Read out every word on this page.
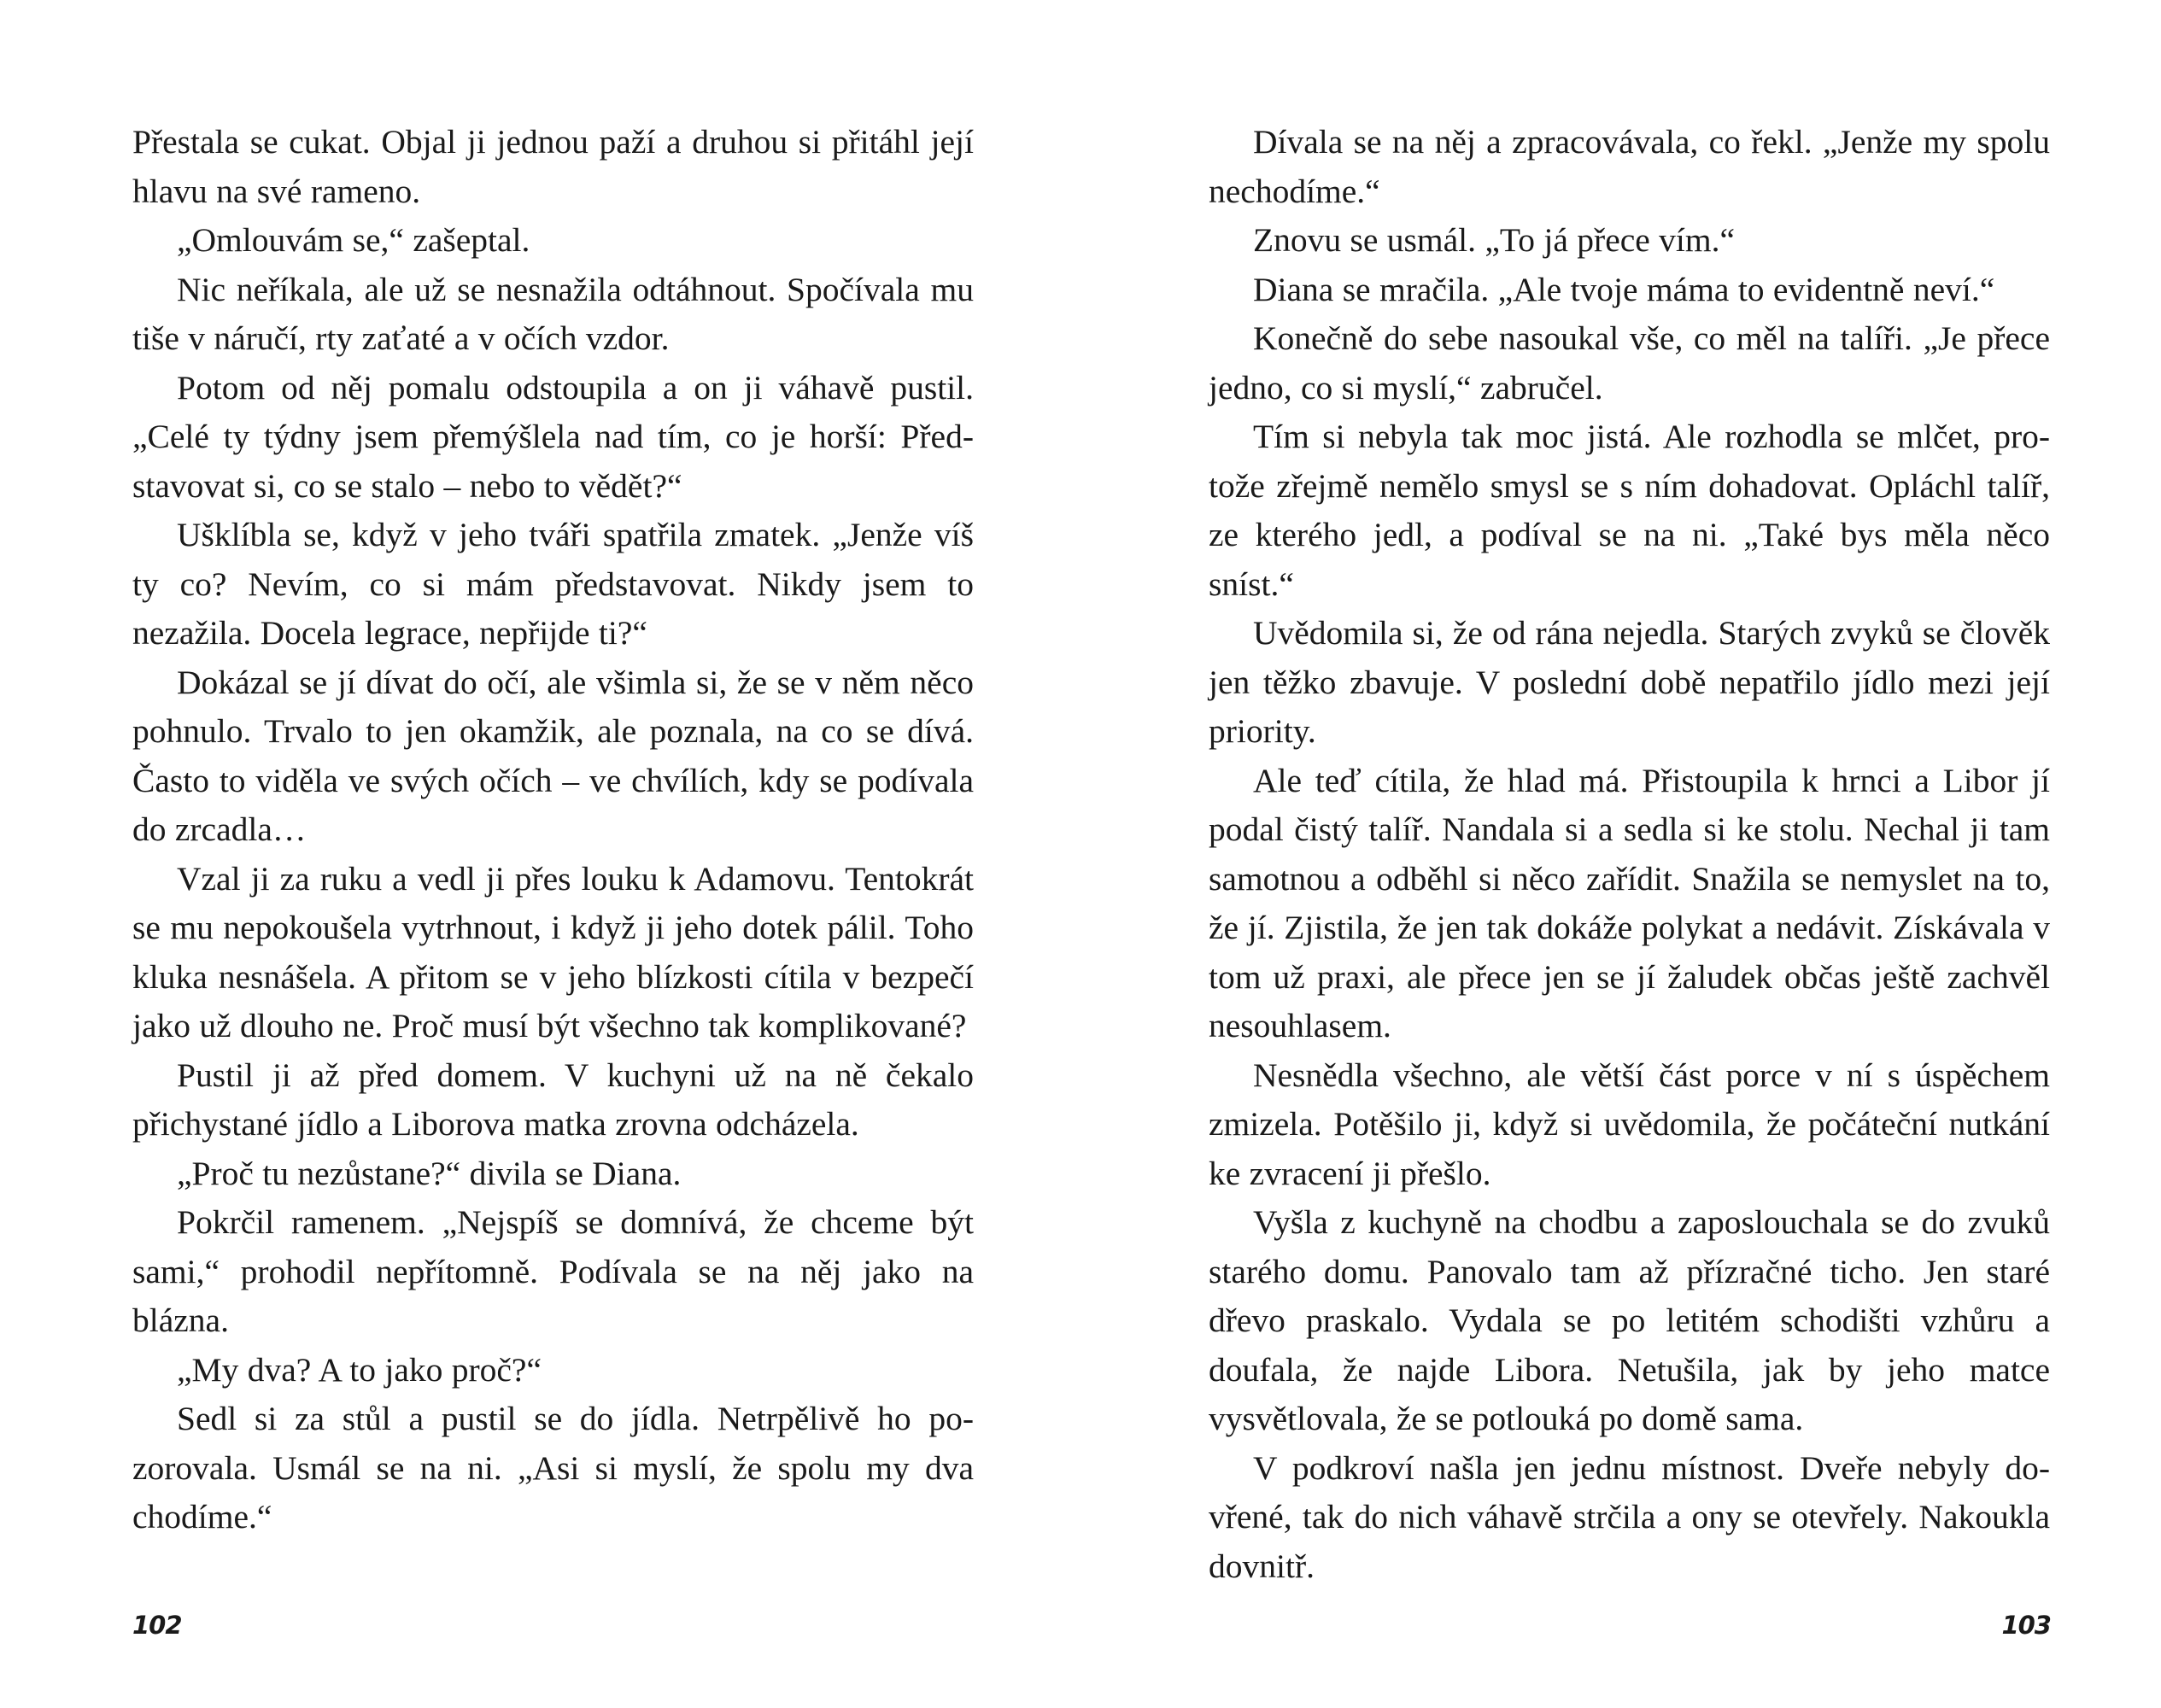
Přestala se cukat. Objal ji jednou paží a druhou si přitáhl její hlavu na své rameno.

„Omlouvám se,“ zašeptal.

Nic neříkala, ale už se nesnažila odtáhnout. Spočívala mu tiše v náručí, rty zaťaté a v očích vzdor.

Potom od něj pomalu odstoupila a on ji váhavě pustil. „Celé ty týdny jsem přemýšlela nad tím, co je horší: Představovat si, co se stalo – nebo to vědět?“

Ušklíbla se, když v jeho tváři spatřila zmatek. „Jenže víš ty co? Nevím, co si mám představovat. Nikdy jsem to nezažila. Docela legrace, nepřijde ti?“

Dokázal se jí dívat do očí, ale všimla si, že se v něm něco pohnulo. Trvalo to jen okamžik, ale poznala, na co se dívá. Často to viděla ve svých očích – ve chvílích, kdy se podívala do zrcadla…

Vzal ji za ruku a vedl ji přes louku k Adamovu. Tentokrát se mu nepokoušela vytrhnout, i když ji jeho dotek pálil. Toho kluka nesnášela. A přitom se v jeho blízkosti cítila v bezpečí jako už dlouho ne. Proč musí být všechno tak komplikované?

Pustil ji až před domem. V kuchyni už na ně čekalo přichystané jídlo a Liborova matka zrovna odcházela.

„Proč tu nezůstane?“ divila se Diana.

Pokrčil ramenem. „Nejspíš se domnívá, že chceme být sami,“ prohodil nepřítomně. Podívala se na něj jako na blázna.

„My dva? A to jako proč?“

Sedl si za stůl a pustil se do jídla. Netrpělivě ho pozorovala. Usmál se na ni. „Asi si myslí, že spolu my dva chodíme.“

102

Dívala se na něj a zpracovávala, co řekl. „Jenže my spolu nechodíme.“

Znovu se usmál. „To já přece vím.“

Diana se mračila. „Ale tvoje máma to evidentně neví.“

Konečně do sebe nasoukal vše, co měl na talíři. „Je přece jedno, co si myslí,“ zabručel.

Tím si nebyla tak moc jistá. Ale rozhodla se mlčet, protože zřejmě nemělo smysl se s ním dohadovat. Opláchl talíř, ze kterého jedl, a podíval se na ni. „Také bys měla něco sníst.“

Uvědomila si, že od rána nejedla. Starých zvyků se člověk jen těžko zbavuje. V poslední době nepatřilo jídlo mezi její priority.

Ale teď cítila, že hlad má. Přistoupila k hrnci a Libor jí podal čistý talíř. Nandala si a sedla si ke stolu. Nechal ji tam samotnou a odběhl si něco zařídit. Snažila se nemyslet na to, že jí. Zjistila, že jen tak dokáže polykat a nedávit. Získávala v tom už praxi, ale přece jen se jí žaludek občas ještě zachvěl nesouhlasem.

Nesnědla všechno, ale větší část porce v ní s úspěchem zmizela. Potěšilo ji, když si uvědomila, že počáteční nutkání ke zvracení ji přešlo.

Vyšla z kuchyně na chodbu a zaposlouchala se do zvuků starého domu. Panovalo tam až přízračné ticho. Jen staré dřevo praskalo. Vydala se po letitém schodišti vzhůru a doufala, že najde Libora. Netušila, jak by jeho matce vysvětlovala, že se potlouká po domě sama.

V podkroví našla jen jednu místnost. Dveře nebyly dovřené, tak do nich váhavě strčila a ony se otevřely. Nakoukla dovnitř.

103
